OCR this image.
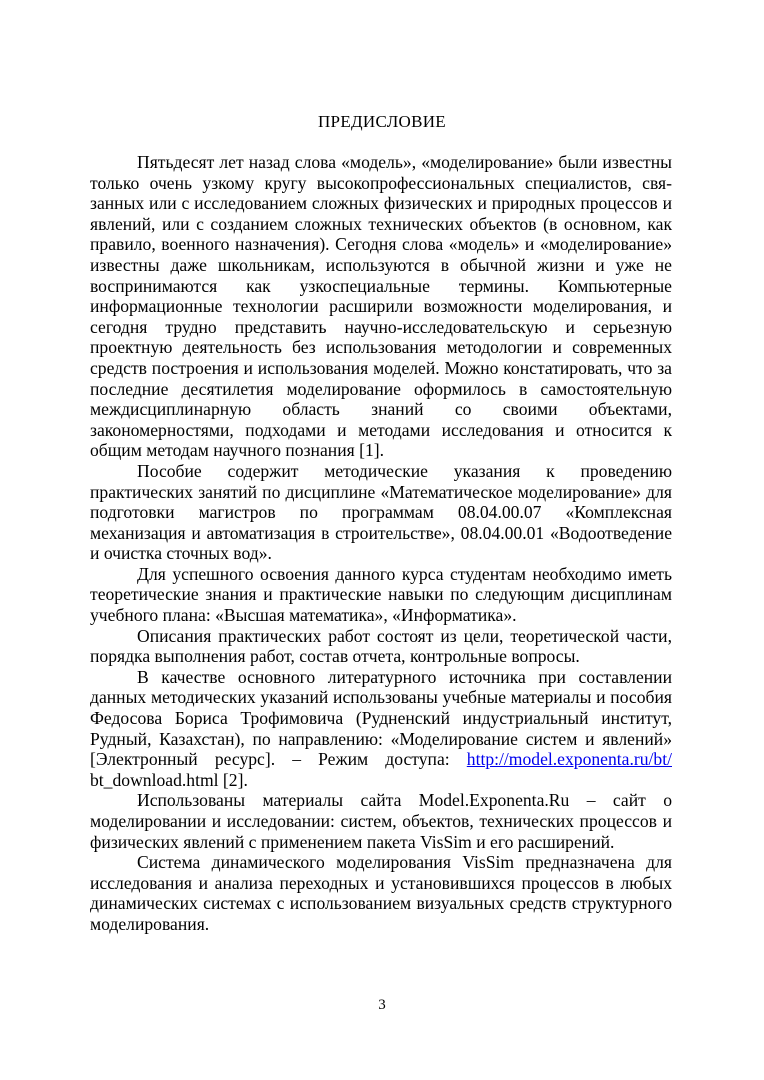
ПРЕДИСЛОВИЕ

Пятьдесят лет назад слова «модель», «моделирование» были известны только очень узкому кругу высокопрофессиональных специалистов, свя-занных или с исследованием сложных физических и природных процессов и явлений, или с созданием сложных технических объектов (в основном, как правило, военного назначения). Сегодня слова «модель» и «моделирование» известны даже школьникам, используются в обычной жизни и уже не воспринимаются как узкоспециальные термины. Компьютерные информационные технологии расширили возможности моделирования, и сегодня трудно представить научно-исследовательскую и серьезную проектную деятельность без использования методологии и современных средств построения и использования моделей. Можно констатировать, что за последние десятилетия моделирование оформилось в самостоятельную междисциплинарную область знаний со своими объектами, закономерностями, подходами и методами исследования и относится к общим методам научного познания [1].

Пособие содержит методические указания к проведению практических занятий по дисциплине «Математическое моделирование» для подготовки магистров по программам 08.04.00.07 «Комплексная механизация и автоматизация в строительстве», 08.04.00.01 «Водоотведение и очистка сточных вод».

Для успешного освоения данного курса студентам необходимо иметь теоретические знания и практические навыки по следующим дисциплинам учебного плана: «Высшая математика», «Информатика».

Описания практических работ состоят из цели, теоретической части, порядка выполнения работ, состав отчета, контрольные вопросы.

В качестве основного литературного источника при составлении данных методических указаний использованы учебные материалы и пособия Федосова Бориса Трофимовича (Рудненский индустриальный институт, Рудный, Казахстан), по направлению: «Моделирование систем и явлений» [Электронный ресурс]. – Режим доступа: http://model.exponenta.ru/bt/ bt_download.html [2].

Использованы материалы сайта Model.Exponenta.Ru – сайт о моделировании и исследовании: систем, объектов, технических процессов и физических явлений с применением пакета VisSim и его расширений.

Система динамического моделирования VisSim предназначена для исследования и анализа переходных и установившихся процессов в любых динамических системах с использованием визуальных средств структурного моделирования.

3
